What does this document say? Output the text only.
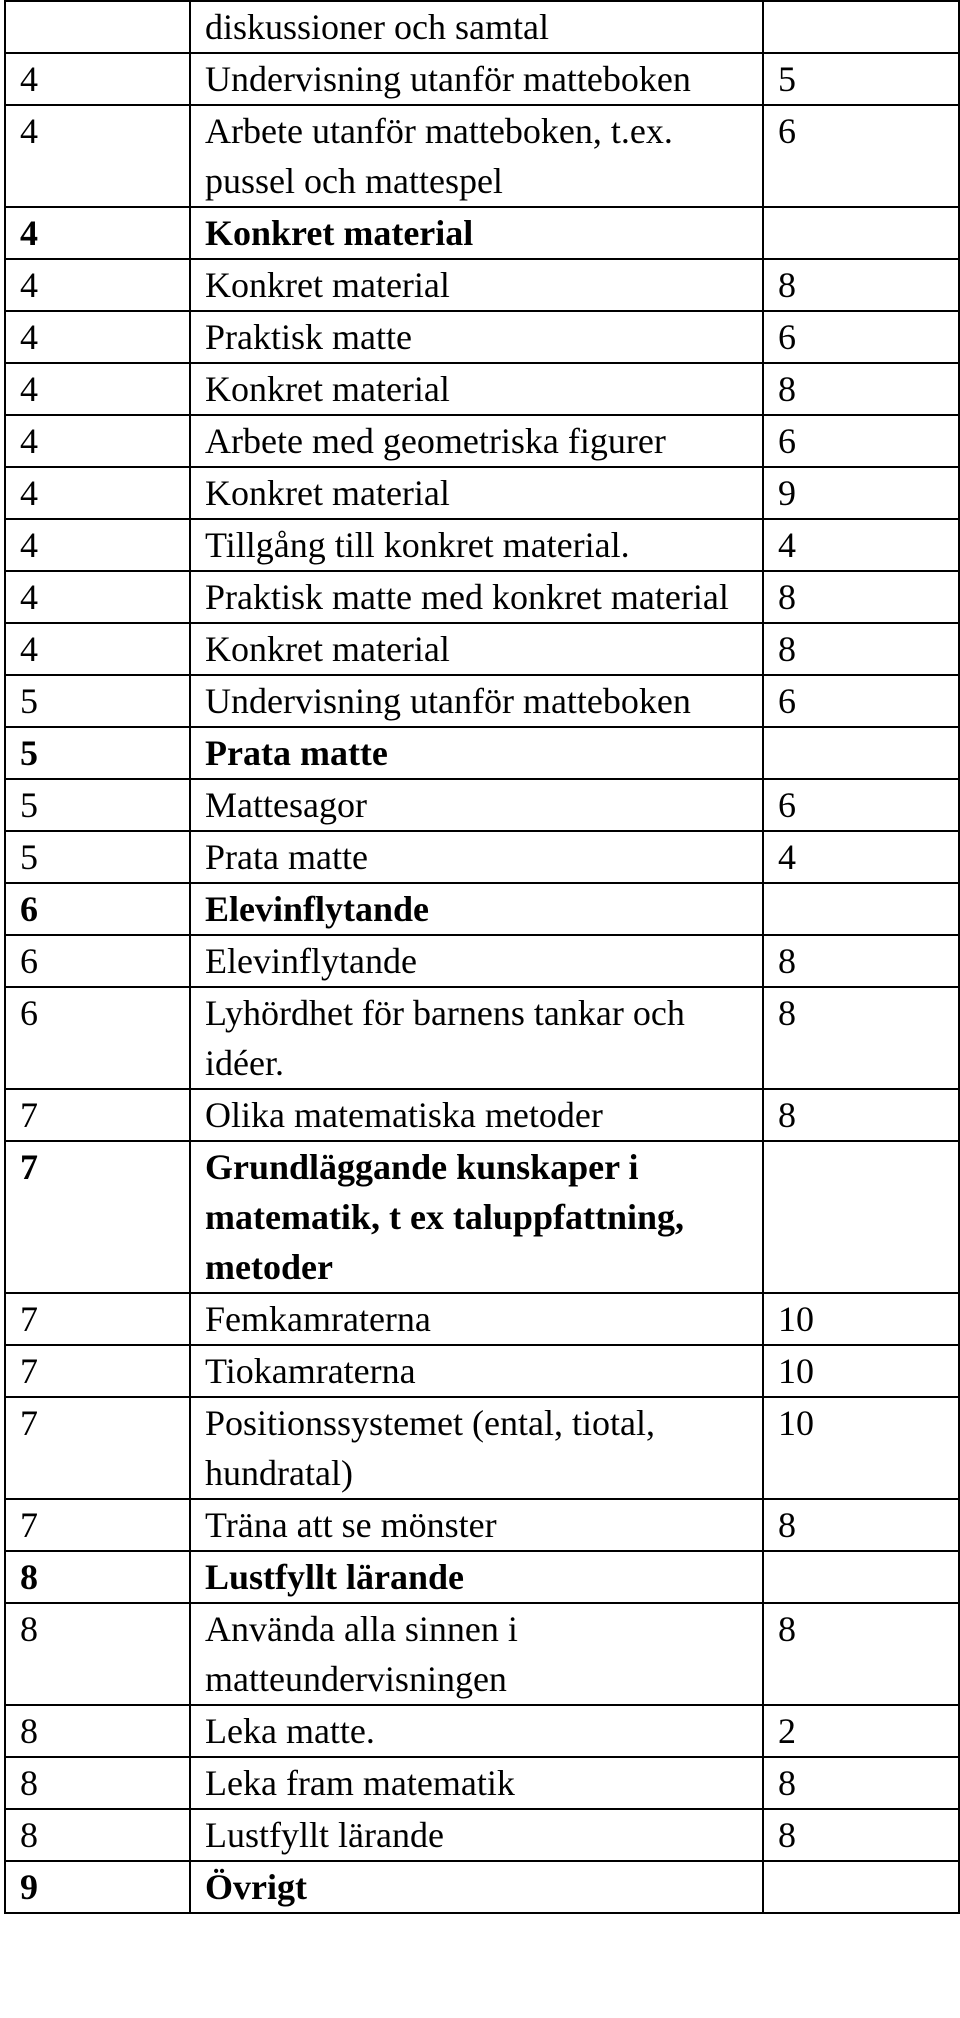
	diskussioner och samtal	
4	Undervisning utanför matteboken	5
4	Arbete utanför matteboken, t.ex. pussel och mattespel	6
4	Konkret material	
4	Konkret material	8
4	Praktisk matte	6
4	Konkret material	8
4	Arbete med geometriska figurer	6
4	Konkret material	9
4	Tillgång till konkret material.	4
4	Praktisk matte med konkret material	8
4	Konkret material	8
5	Undervisning utanför matteboken	6
5	Prata matte	
5	Mattesagor	6
5	Prata matte	4
6	Elevinflytande	
6	Elevinflytande	8
6	Lyhördhet för barnens tankar och idéer.	8
7	Olika matematiska metoder	8
7	Grundläggande kunskaper i matematik, t ex taluppfattning, metoder	
7	Femkamraterna	10
7	Tiokamraterna	10
7	Positionssystemet (ental, tiotal, hundratal)	10
7	Träna att se mönster	8
8	Lustfyllt lärande	
8	Använda alla sinnen i matteundervisningen	8
8	Leka matte.	2
8	Leka fram matematik	8
8	Lustfyllt lärande	8
9	Övrigt	
